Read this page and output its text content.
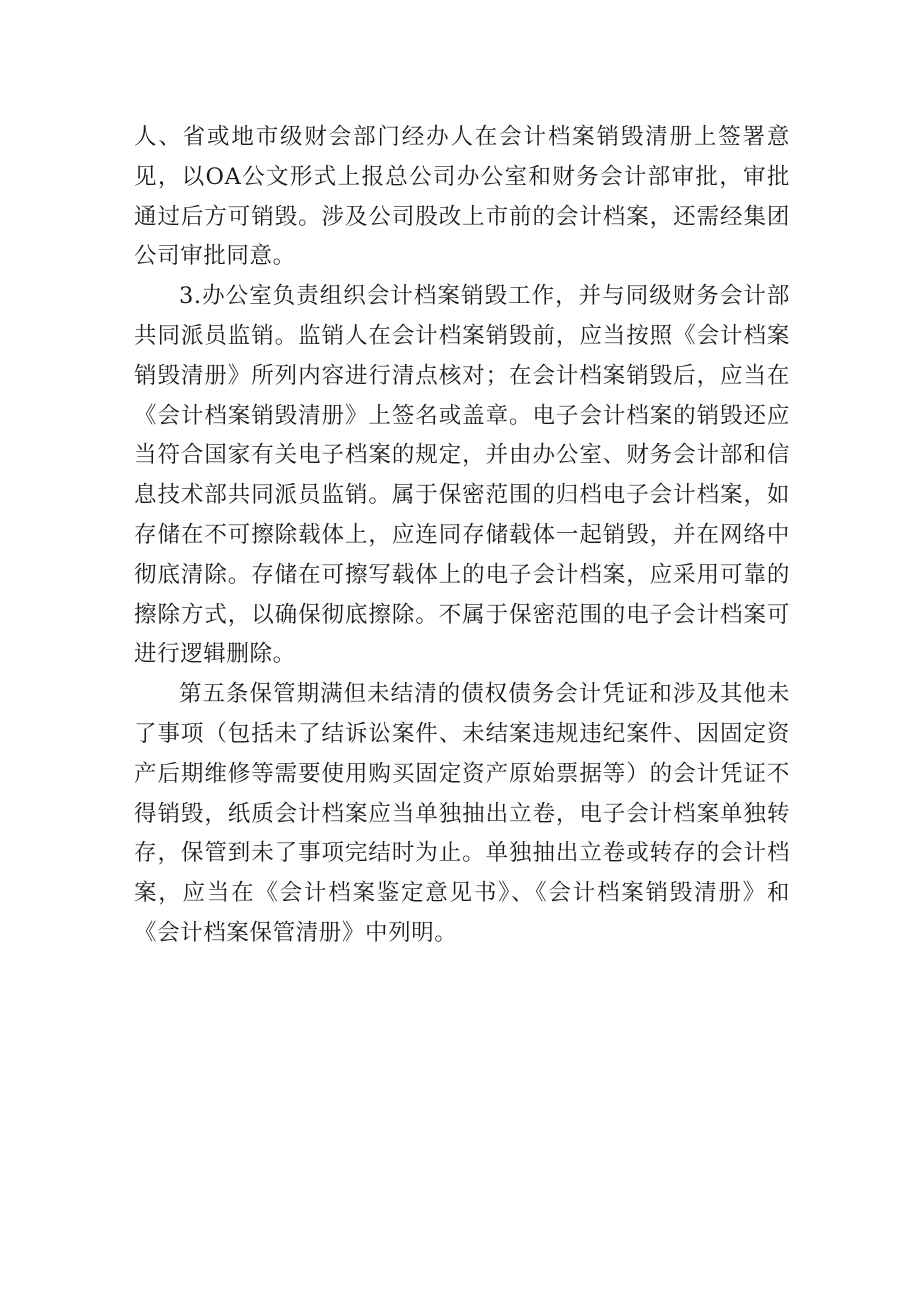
人、省或地市级财会部门经办人在会计档案销毁清册上签署意见，以OA公文形式上报总公司办公室和财务会计部审批，审批通过后方可销毁。涉及公司股改上市前的会计档案，还需经集团公司审批同意。

3.办公室负责组织会计档案销毁工作，并与同级财务会计部共同派员监销。监销人在会计档案销毁前，应当按照《会计档案销毁清册》所列内容进行清点核对；在会计档案销毁后，应当在《会计档案销毁清册》上签名或盖章。电子会计档案的销毁还应当符合国家有关电子档案的规定，并由办公室、财务会计部和信息技术部共同派员监销。属于保密范围的归档电子会计档案，如存储在不可擦除载体上，应连同存储载体一起销毁，并在网络中彻底清除。存储在可擦写载体上的电子会计档案，应采用可靠的擦除方式，以确保彻底擦除。不属于保密范围的电子会计档案可进行逻辑删除。

第五条保管期满但未结清的债权债务会计凭证和涉及其他未了事项（包括未了结诉讼案件、未结案违规违纪案件、因固定资产后期维修等需要使用购买固定资产原始票据等）的会计凭证不得销毁，纸质会计档案应当单独抽出立卷，电子会计档案单独转存，保管到未了事项完结时为止。单独抽出立卷或转存的会计档案，应当在《会计档案鉴定意见书》、《会计档案销毁清册》和《会计档案保管清册》中列明。
